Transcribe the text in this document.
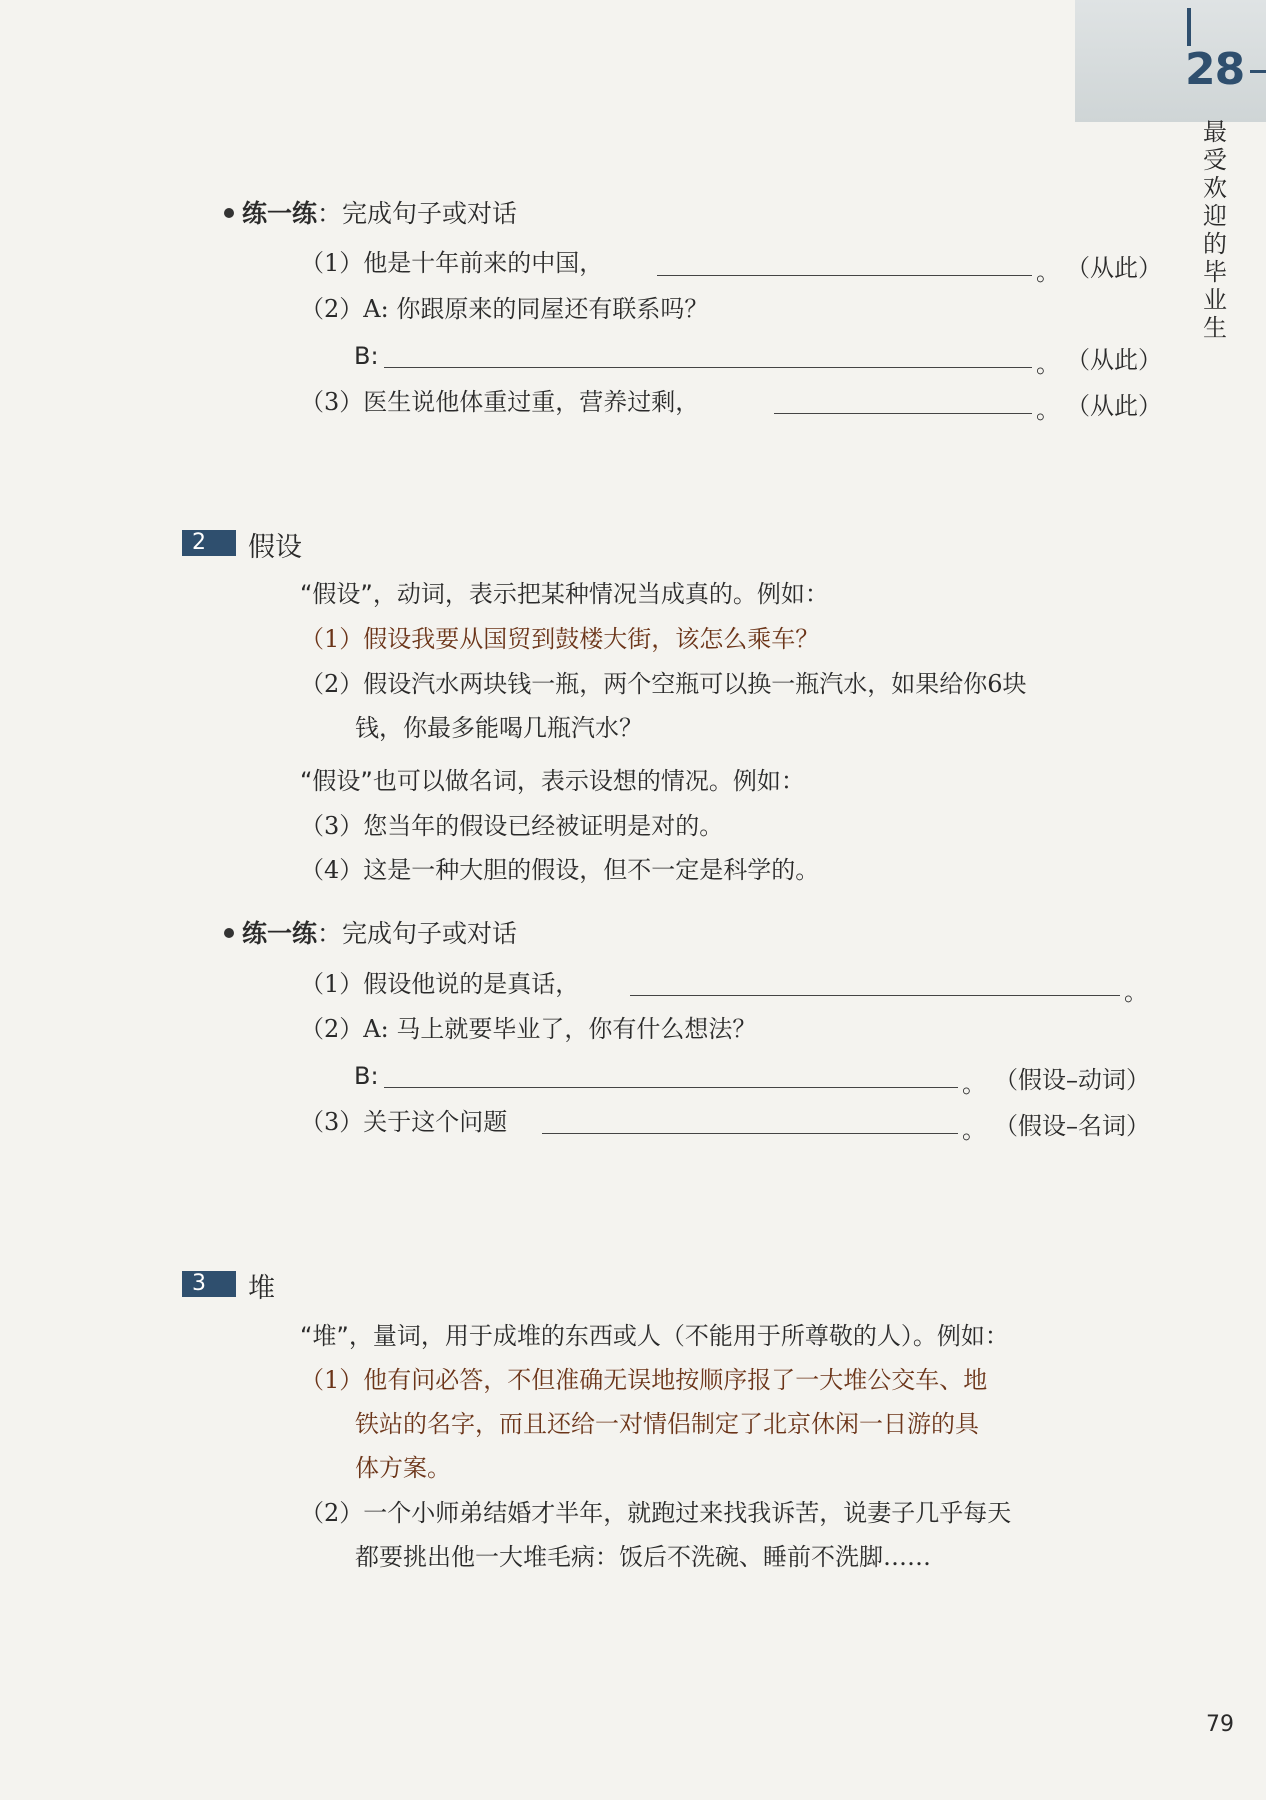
28
最
受
欢
迎
的
毕
业
生
练一练：完成句子或对话
（1）他是十年前来的中国，	。 （从此）
（2）A: 你跟原来的同屋还有联系吗？
B:	。 （从此）
（3）医生说他体重过重，营养过剩，	。 （从此）
2	假设
“假设”，动词，表示把某种情况当成真的。例如：
（1）假设我要从国贸到鼓楼大街，该怎么乘车？
（2）假设汽水两块钱一瓶，两个空瓶可以换一瓶汽水，如果给你6块
钱，你最多能喝几瓶汽水？
“假设”也可以做名词，表示设想的情况。例如：
（3）您当年的假设已经被证明是对的。
（4）这是一种大胆的假设，但不一定是科学的。
练一练：完成句子或对话
（1）假设他说的是真话，	。
（2）A: 马上就要毕业了，你有什么想法？
B:	。 （假设–动词）
（3）关于这个问题	。 （假设–名词）
3	堆
“堆”，量词，用于成堆的东西或人（不能用于所尊敬的人）。例如：
（1）他有问必答，不但准确无误地按顺序报了一大堆公交车、地
铁站的名字，而且还给一对情侣制定了北京休闲一日游的具
体方案。
（2）一个小师弟结婚才半年，就跑过来找我诉苦，说妻子几乎每天
都要挑出他一大堆毛病：饭后不洗碗、睡前不洗脚……
79
